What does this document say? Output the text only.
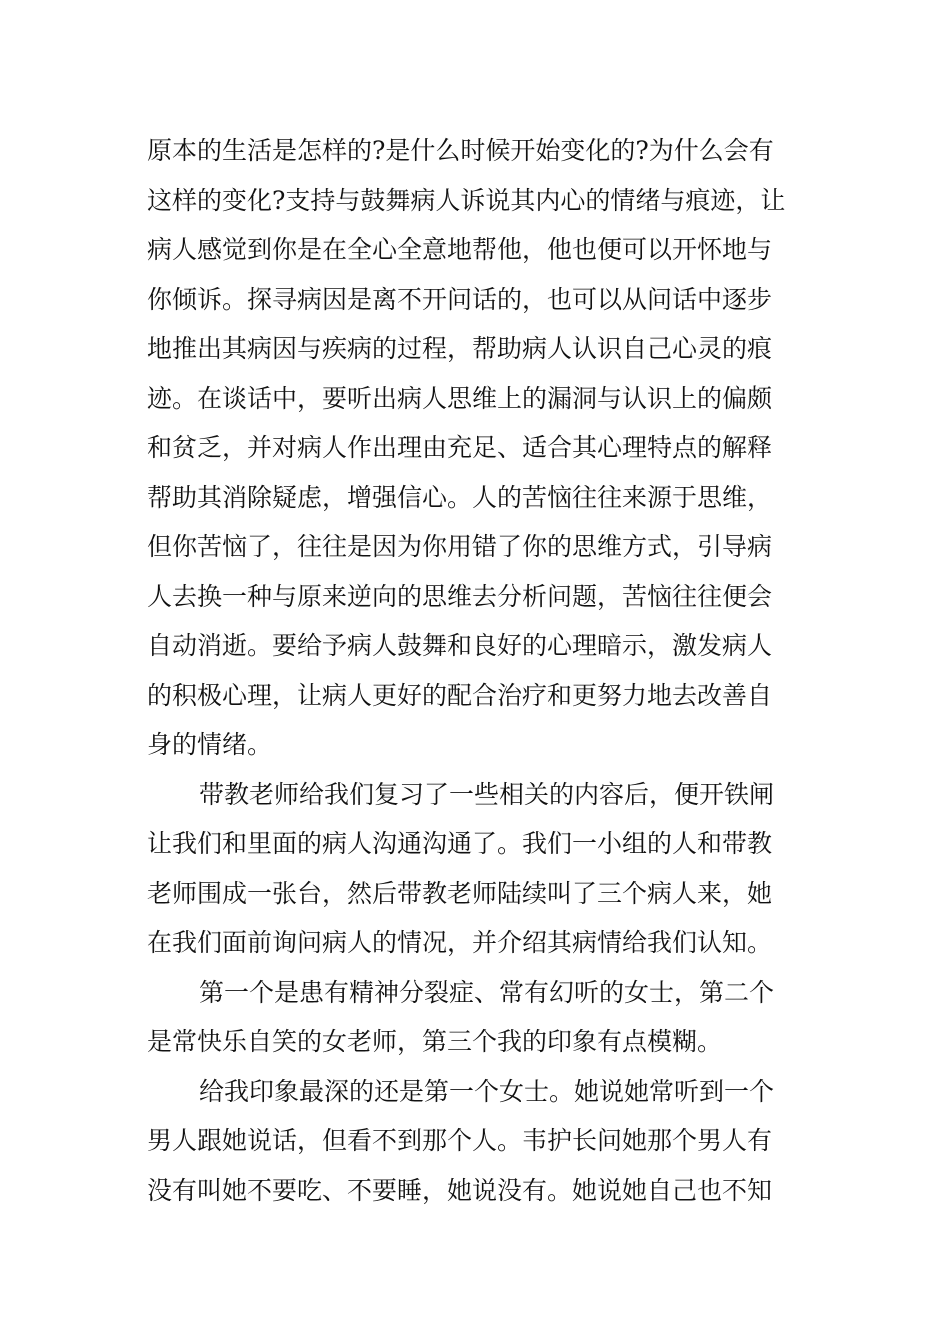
原本的生活是怎样的?是什么时候开始变化的?为什么会有
这样的变化?支持与鼓舞病人诉说其内心的情绪与痕迹，让
病人感觉到你是在全心全意地帮他，他也便可以开怀地与
你倾诉。探寻病因是离不开问话的，也可以从问话中逐步
地推出其病因与疾病的过程，帮助病人认识自己心灵的痕
迹。在谈话中，要听出病人思维上的漏洞与认识上的偏颇
和贫乏，并对病人作出理由充足、适合其心理特点的解释
帮助其消除疑虑，增强信心。人的苦恼往往来源于思维，
但你苦恼了，往往是因为你用错了你的思维方式，引导病
人去换一种与原来逆向的思维去分析问题，苦恼往往便会
自动消逝。要给予病人鼓舞和良好的心理暗示，激发病人
的积极心理，让病人更好的配合治疗和更努力地去改善自
身的情绪。
带教老师给我们复习了一些相关的内容后，便开铁闸
让我们和里面的病人沟通沟通了。我们一小组的人和带教
老师围成一张台，然后带教老师陆续叫了三个病人来，她
在我们面前询问病人的情况，并介绍其病情给我们认知。
第一个是患有精神分裂症、常有幻听的女士，第二个
是常快乐自笑的女老师，第三个我的印象有点模糊。
给我印象最深的还是第一个女士。她说她常听到一个
男人跟她说话，但看不到那个人。韦护长问她那个男人有
没有叫她不要吃、不要睡，她说没有。她说她自己也不知
